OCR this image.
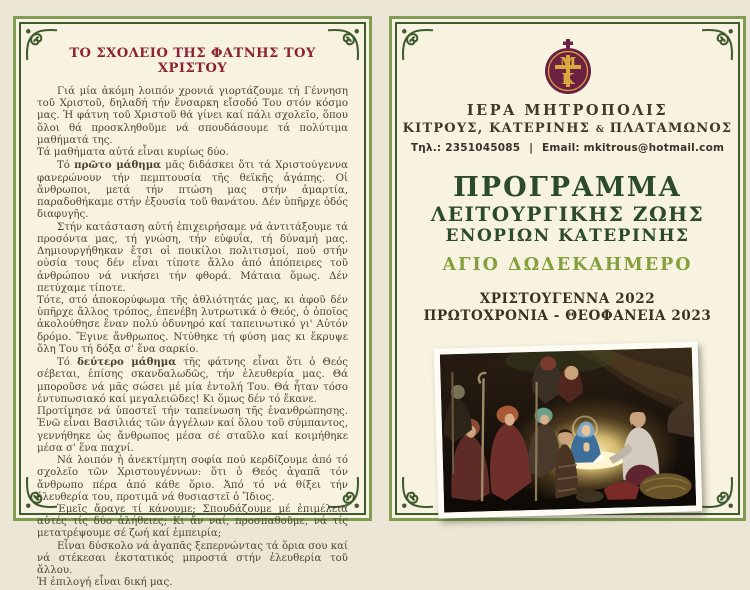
ΤΟ ΣΧΟΛΕΙΟ ΤΗΣ ΦΑΤΝΗΣ ΤΟΥ ΧΡΙΣΤΟΥ

Γιά μία ἀκόμη λοιπόν χρονιά γιορτάζουμε τή Γέννηση τοῦ Χριστοῦ, δηλαδή τήν ἔνσαρκη εἴσοδό Του στόν κόσμο μας. Ἡ φάτνη τοῦ Χριστοῦ θά γίνει καί πάλι σχολεῖο, ὅπου ὅλοι θά προσκληθοῦμε νά σπουδάσουμε τά πολύτιμα μαθήματά της.

Τά μαθήματα αὐτά εἶναι κυρίως δύο.

Τό πρῶτο μάθημα μᾶς διδάσκει ὅτι τά Χριστούγεννα φανερώνουν τήν πεμπτουσία τῆς θεϊκῆς ἀγάπης. Οἱ ἄνθρωποι, μετά τήν πτώση μας στήν ἁμαρτία, παραδοθήκαμε στήν ἐξουσία τοῦ θανάτου. Δέν ὑπῆρχε ὁδός διαφυγῆς.

Στήν κατάσταση αὐτή ἐπιχειρήσαμε νά ἀντιτάξουμε τά προσόντα μας, τή γνώση, τήν εὐφυΐα, τή δύναμή μας. Δημιουργήθηκαν ἔτσι οἱ ποικίλοι πολιτισμοί, πού στήν οὐσία τους δέν εἶναι τίποτε ἄλλο ἀπό ἀπόπειρες τοῦ ἀνθρώπου νά νικήσει τήν φθορά. Μάταια ὅμως. Δέν πετύχαμε τίποτε.

Τότε, στό ἀποκορύφωμα τῆς ἀθλιότητάς μας, κι ἀφοῦ δέν ὑπῆρχε ἄλλος τρόπος, ἐπενέβη λυτρωτικά ὁ Θεός, ὁ ὁποῖος ἀκολούθησε ἕναν πολύ ὀδυνηρό καί ταπεινωτικό γι' Αὐτόν δρόμο. Ἔγινε ἄνθρωπος. Ντύθηκε τή φύση μας κι ἔκρυψε ὅλη Του τή δόξα σ' ἕνα σαρκίο.

Τό δεύτερο μάθημα τῆς φάτνης εἶναι ὅτι ὁ Θεός σέβεται, ἐπίσης σκανδαλωδῶς, τήν ἐλευθερία μας. Θά μποροῦσε νά μᾶς σώσει μέ μία ἐντολή Του. Θά ἦταν τόσο ἐντυπωσιακό καί μεγαλειῶδες! Κι ὅμως δέν τό ἔκανε.

Προτίμησε νά ὑποστεῖ τήν ταπείνωση τῆς ἐνανθρώπησης. Ἐνῶ εἶναι Βασιλιάς τῶν ἀγγέλων καί ὅλου τοῦ σύμπαντος, γεννήθηκε ὡς ἄνθρωπος μέσα σέ σταῦλο καί κοιμήθηκε μέσα σ' ἕνα παχνί.

Νά λοιπόν ἡ ἀνεκτίμητη σοφία πού κερδίζουμε ἀπό τό σχολεῖο τῶν Χριστουγέννων: ὅτι ὁ Θεός ἀγαπᾶ τόν ἄνθρωπο πέρα ἀπό κάθε ὅριο. Ἀπό τό νά θίξει τήν ἐλευθερία του, προτιμᾶ νά θυσιαστεῖ ὁ Ἴδιος.

Ἐμεῖς ἄραγε τί κάνουμε; Σπουδάζουμε μέ ἐπιμέλεια αὐτές τίς δύο ἀλήθειες; Κι ἄν ναί, προσπαθοῦμε, νά τίς μετατρέψουμε σέ ζωή καί ἐμπειρία;

Εἶναι δύσκολο νά ἀγαπᾶς ξεπερνώντας τά ὅρια σου καί νά στέκεσαι ἐκστατικός μπροστά στήν ἐλευθερία τοῦ ἄλλου.

Ἡ ἐπιλογή εἶναι δική μας.

Μ
Κ
ΙΕΡΑ ΜΗΤΡΟΠΟΛΙΣ
ΚΙΤΡΟΥΣ, ΚΑΤΕΡΙΝΗΣ & ΠΛΑΤΑΜΩΝΟΣ
Τηλ.: 2351045085 | Email: mkitrous@hotmail.com
ΠΡΟΓΡΑΜΜΑ
ΛΕΙΤΟΥΡΓΙΚΗΣ ΖΩΗΣ
ΕΝΟΡΙΩΝ ΚΑΤΕΡΙΝΗΣ
ΑΓΙΟ ΔΩΔΕΚΑΗΜΕΡΟ
ΧΡΙΣΤΟΥΓΕΝΝΑ 2022
ΠΡΩΤΟΧΡΟΝΙΑ - ΘΕΟΦΑΝΕΙΑ 2023
